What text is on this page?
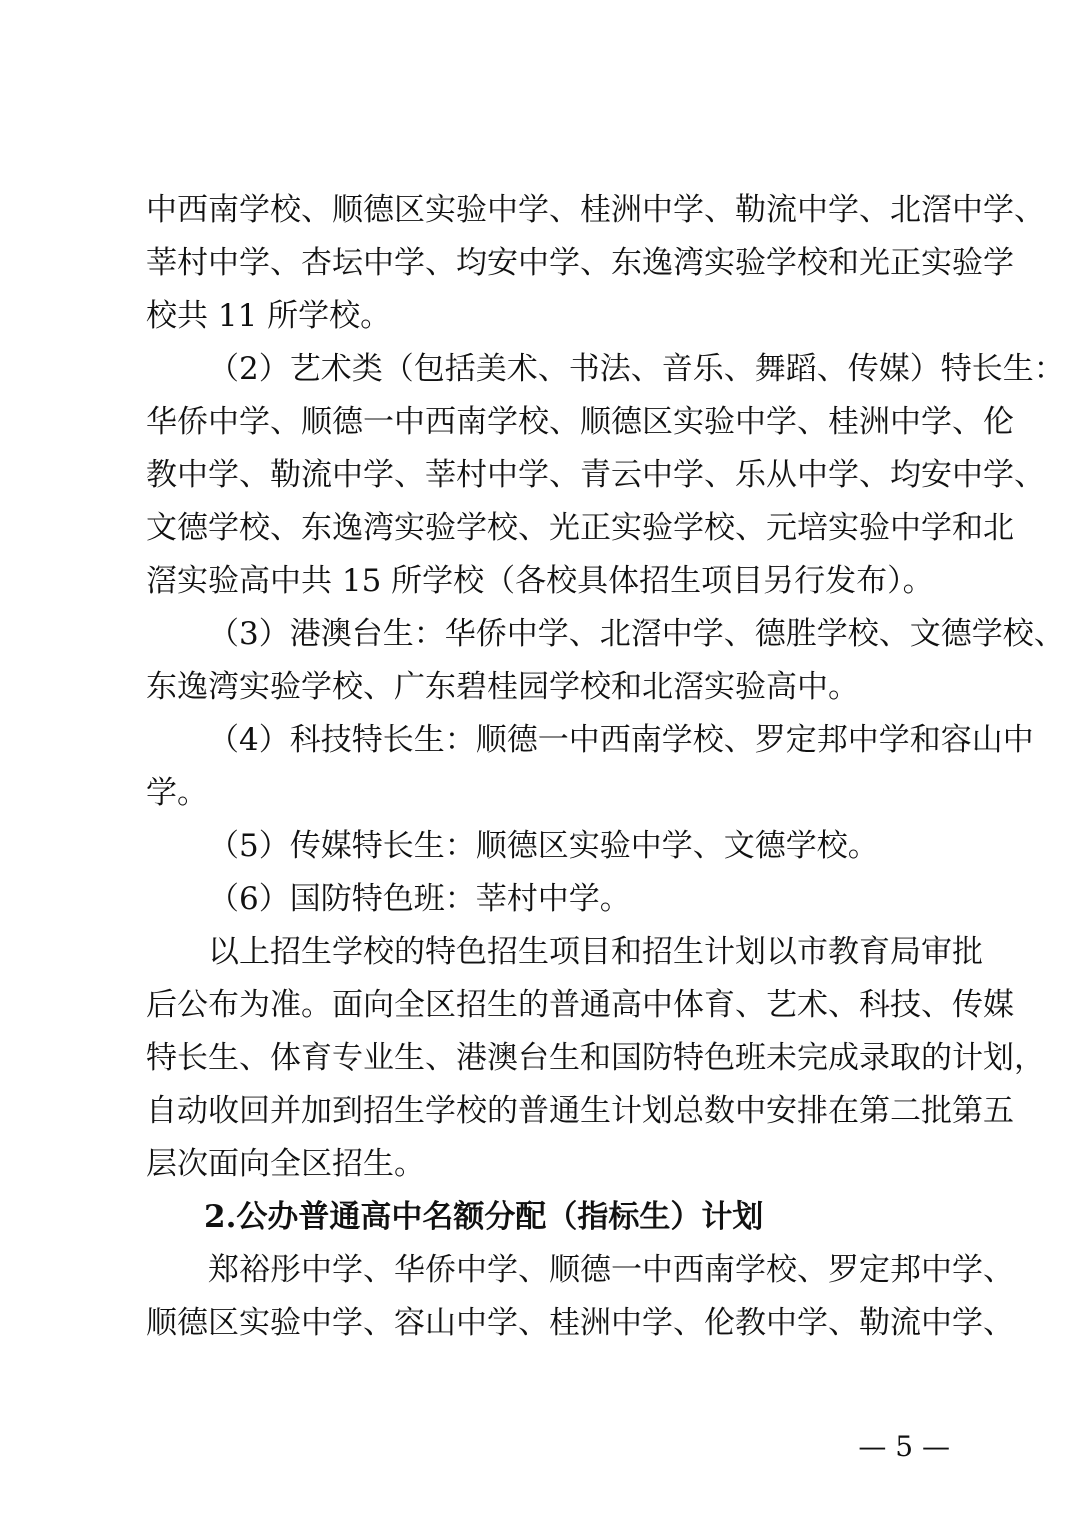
中西南学校、顺德区实验中学、桂洲中学、勒流中学、北滘中学、
莘村中学、杏坛中学、均安中学、东逸湾实验学校和光正实验学
校共 11 所学校。
（2）艺术类（包括美术、书法、音乐、舞蹈、传媒）特长生：
华侨中学、顺德一中西南学校、顺德区实验中学、桂洲中学、伦
教中学、勒流中学、莘村中学、青云中学、乐从中学、均安中学、
文德学校、东逸湾实验学校、光正实验学校、元培实验中学和北
滘实验高中共 15 所学校（各校具体招生项目另行发布）。
（3）港澳台生：华侨中学、北滘中学、德胜学校、文德学校、
东逸湾实验学校、广东碧桂园学校和北滘实验高中。
（4）科技特长生：顺德一中西南学校、罗定邦中学和容山中
学。
（5）传媒特长生：顺德区实验中学、文德学校。
（6）国防特色班：莘村中学。
以上招生学校的特色招生项目和招生计划以市教育局审批
后公布为准。面向全区招生的普通高中体育、艺术、科技、传媒
特长生、体育专业生、港澳台生和国防特色班未完成录取的计划，
自动收回并加到招生学校的普通生计划总数中安排在第二批第五
层次面向全区招生。
2.公办普通高中名额分配（指标生）计划
郑裕彤中学、华侨中学、顺德一中西南学校、罗定邦中学、
顺德区实验中学、容山中学、桂洲中学、伦教中学、勒流中学、
— 5 —
